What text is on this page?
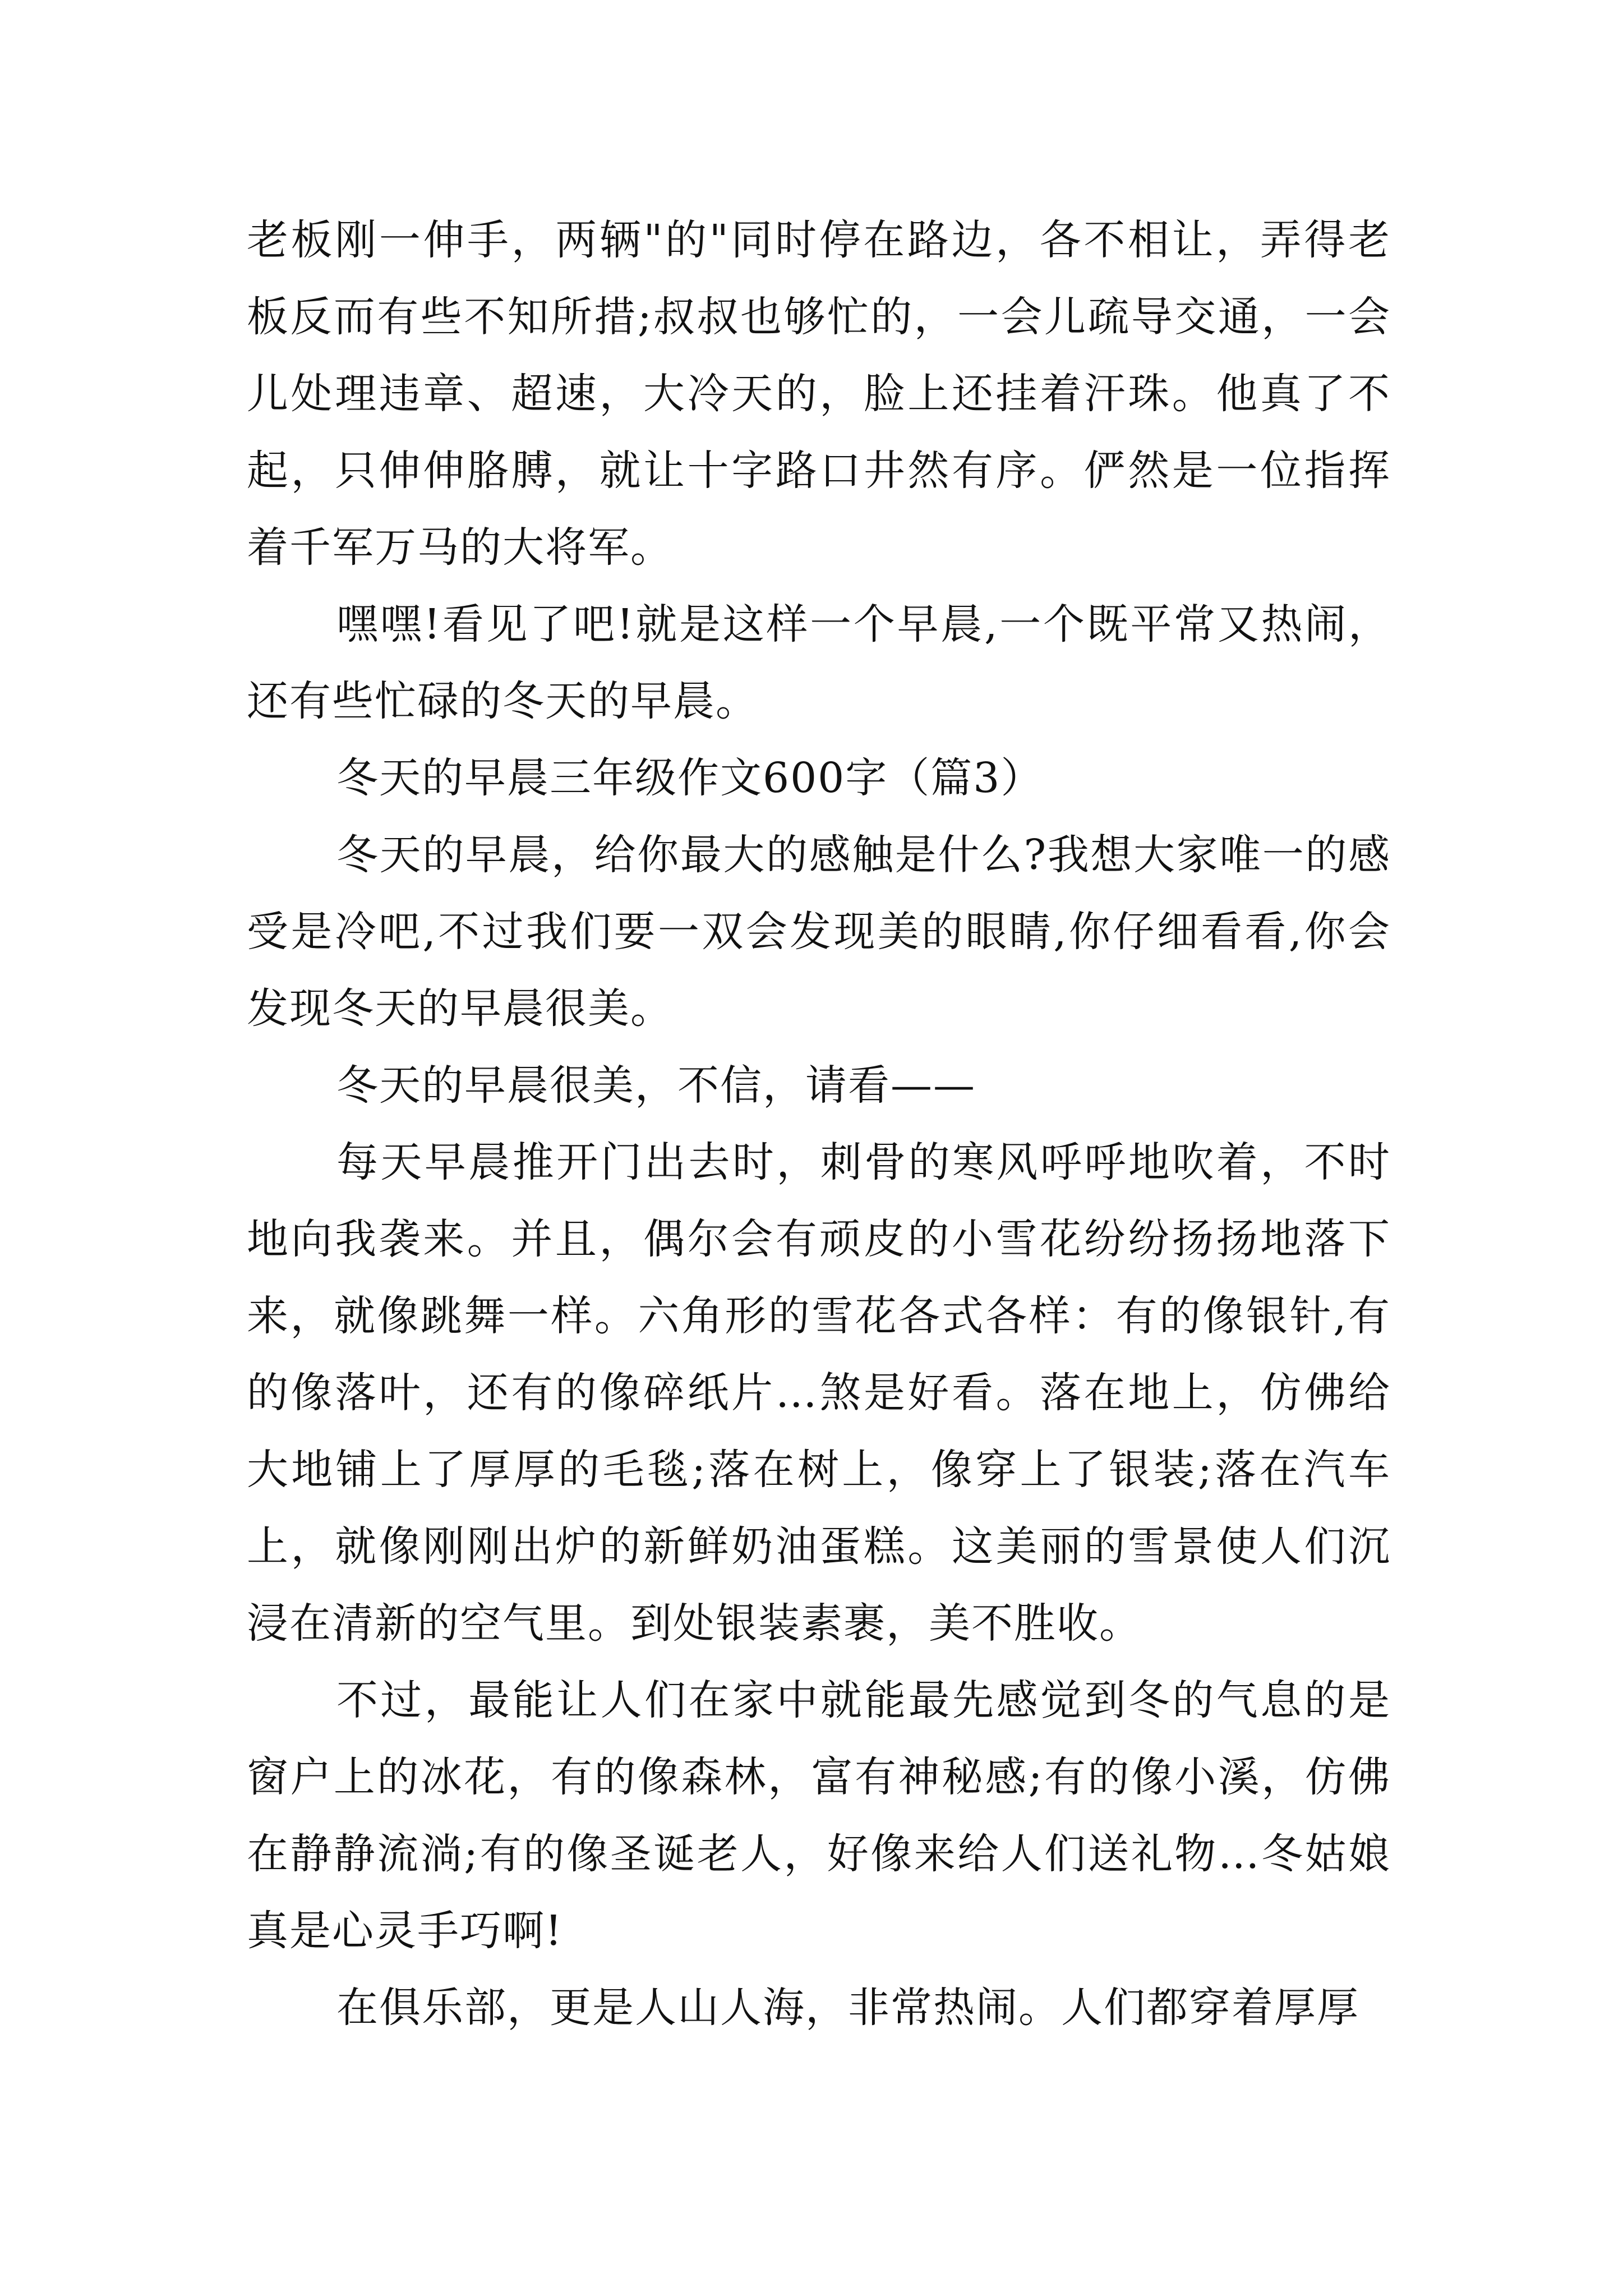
老板刚一伸手，两辆"的"同时停在路边，各不相让，弄得老板反而有些不知所措;叔叔也够忙的，一会儿疏导交通，一会儿处理违章、超速，大冷天的，脸上还挂着汗珠。他真了不起，只伸伸胳膊，就让十字路口井然有序。俨然是一位指挥着千军万马的大将军。

嘿嘿!看见了吧!就是这样一个早晨,一个既平常又热闹，还有些忙碌的冬天的早晨。

冬天的早晨三年级作文600字（篇3）

冬天的早晨，给你最大的感触是什么?我想大家唯一的感受是冷吧,不过我们要一双会发现美的眼睛,你仔细看看,你会发现冬天的早晨很美。

冬天的早晨很美，不信，请看——

每天早晨推开门出去时，刺骨的寒风呼呼地吹着，不时地向我袭来。并且，偶尔会有顽皮的小雪花纷纷扬扬地落下来，就像跳舞一样。六角形的雪花各式各样：有的像银针,有的像落叶，还有的像碎纸片…煞是好看。落在地上，仿佛给大地铺上了厚厚的毛毯;落在树上，像穿上了银装;落在汽车上，就像刚刚出炉的新鲜奶油蛋糕。这美丽的雪景使人们沉浸在清新的空气里。到处银装素裹，美不胜收。

不过，最能让人们在家中就能最先感觉到冬的气息的是窗户上的冰花，有的像森林，富有神秘感;有的像小溪，仿佛在静静流淌;有的像圣诞老人，好像来给人们送礼物…冬姑娘真是心灵手巧啊!

在俱乐部，更是人山人海，非常热闹。人们都穿着厚厚
